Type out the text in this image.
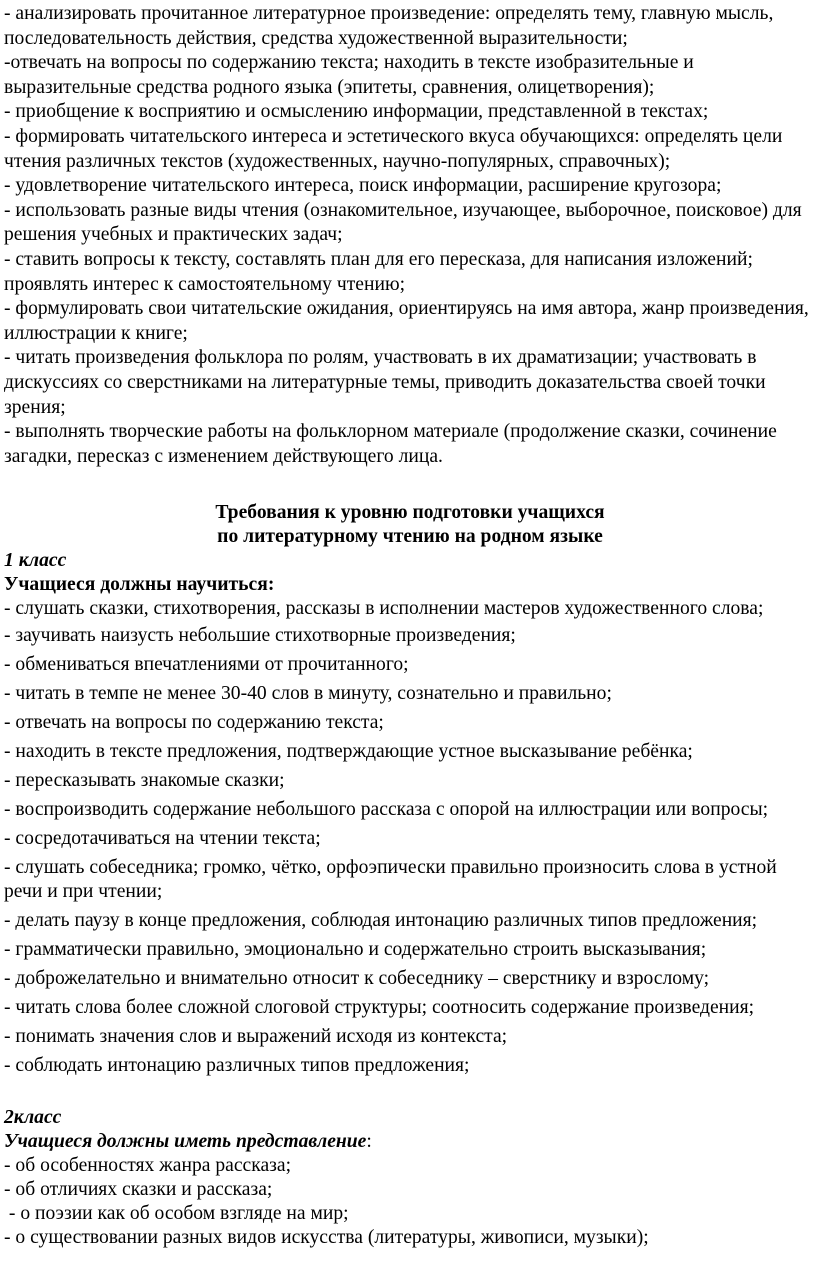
- анализировать прочитанное литературное произведение: определять тему, главную мысль, последовательность действия, средства художественной выразительности;

-отвечать на вопросы по содержанию текста; находить в тексте изобразительные и выразительные средства родного языка (эпитеты, сравнения, олицетворения);

- приобщение к восприятию и осмыслению информации, представленной в текстах;

- формировать читательского интереса и эстетического вкуса обучающихся: определять цели чтения различных текстов (художественных, научно-популярных, справочных);

- удовлетворение читательского интереса, поиск информации, расширение кругозора;

- использовать разные виды чтения (ознакомительное, изучающее, выборочное, поисковое) для решения учебных и практических задач;

- ставить вопросы к тексту, составлять план для его пересказа, для написания изложений; проявлять интерес к самостоятельному чтению;

- формулировать свои читательские ожидания, ориентируясь на имя автора, жанр произведения, иллюстрации к книге;

- читать произведения фольклора по ролям, участвовать в их драматизации; участвовать в дискуссиях со сверстниками на литературные темы, приводить доказательства своей точки зрения;

- выполнять творческие работы на фольклорном материале (продолжение сказки, сочинение загадки, пересказ с изменением действующего лица.

Требования к уровню подготовки учащихся

по литературному чтению на родном языке

1 класс

Учащиеся должны научиться:

- слушать сказки, стихотворения, рассказы в исполнении мастеров художественного слова;

- заучивать наизусть небольшие стихотворные произведения;

- обмениваться впечатлениями от прочитанного;

- читать в темпе не менее 30-40 слов в минуту, сознательно и правильно;

- отвечать на вопросы по содержанию текста;

- находить в тексте предложения, подтверждающие устное высказывание ребёнка;

- пересказывать знакомые сказки;

- воспроизводить содержание небольшого рассказа с опорой на иллюстрации или вопросы;

- сосредотачиваться на чтении текста;

- слушать собеседника; громко, чётко, орфоэпически правильно произносить слова в устной речи и при чтении;

- делать паузу в конце предложения, соблюдая интонацию различных типов предложения;

- грамматически правильно, эмоционально и содержательно строить высказывания;

- доброжелательно и внимательно относит к собеседнику – сверстнику и взрослому;

- читать слова более сложной слоговой структуры; соотносить содержание произведения;

- понимать значения слов и выражений исходя из контекста;

- соблюдать интонацию различных типов предложения;

2класс

Учащиеся должны иметь представление:

- об особенностях жанра рассказа;

- об отличиях сказки и рассказа;

- о поэзии как об особом взгляде на мир;

- о существовании разных видов искусства (литературы, живописи, музыки);
